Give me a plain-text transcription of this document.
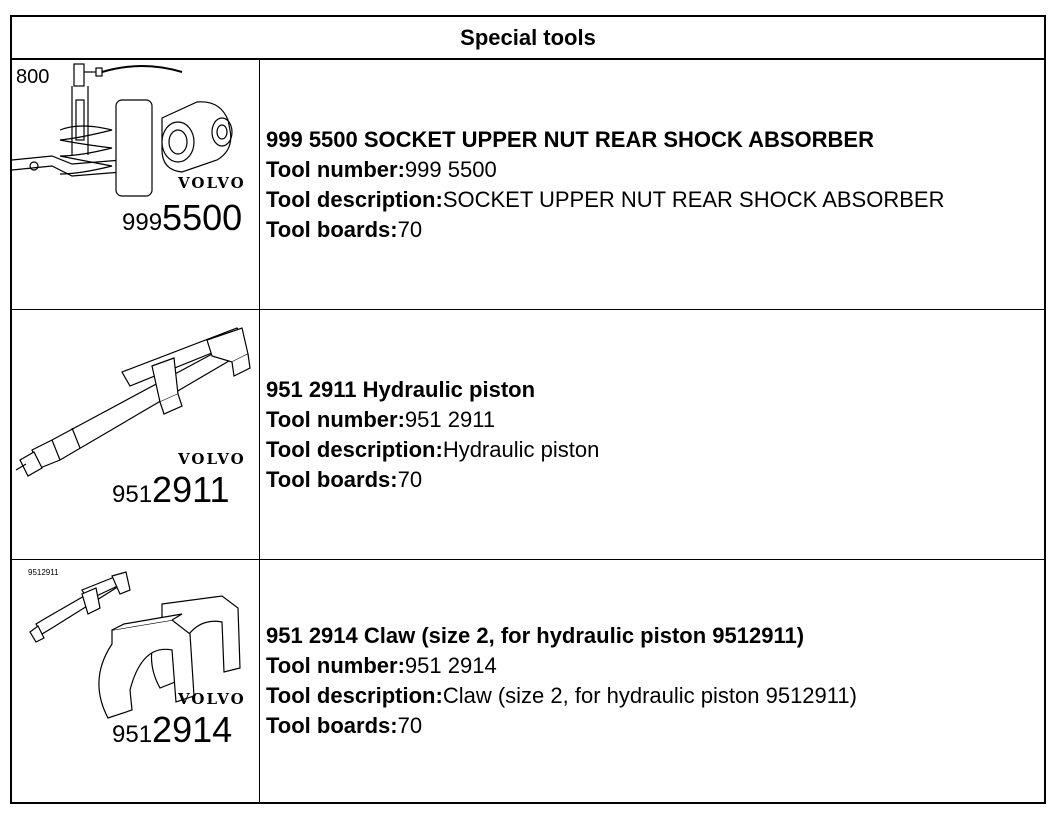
Special tools
800
VOLVO
9995500
999 5500 SOCKET UPPER NUT REAR SHOCK ABSORBER
Tool number:999 5500
Tool description:SOCKET UPPER NUT REAR SHOCK ABSORBER
Tool boards:70
VOLVO
9512911
951 2911 Hydraulic piston
Tool number:951 2911
Tool description:Hydraulic piston
Tool boards:70
9512911
VOLVO
9512914
951 2914 Claw (size 2, for hydraulic piston 9512911)
Tool number:951 2914
Tool description:Claw (size 2, for hydraulic piston 9512911)
Tool boards:70
